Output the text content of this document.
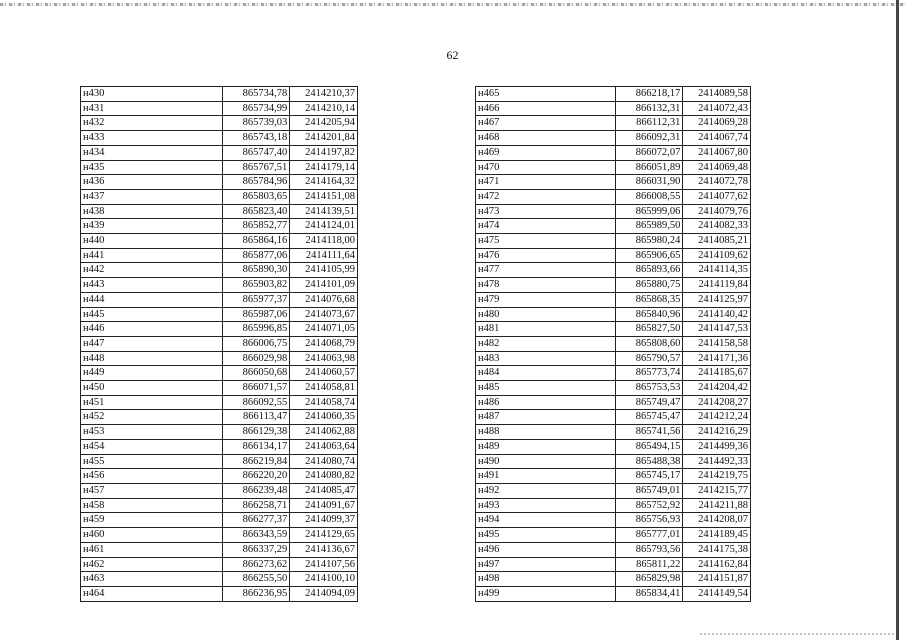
62
н430	865734,78	2414210,37
н431	865734,99	2414210,14
н432	865739,03	2414205,94
н433	865743,18	2414201,84
н434	865747,40	2414197,82
н435	865767,51	2414179,14
н436	865784,96	2414164,32
н437	865803,65	2414151,08
н438	865823,40	2414139,51
н439	865852,77	2414124,01
н440	865864,16	2414118,00
н441	865877,06	2414111,64
н442	865890,30	2414105,99
н443	865903,82	2414101,09
н444	865977,37	2414076,68
н445	865987,06	2414073,67
н446	865996,85	2414071,05
н447	866006,75	2414068,79
н448	866029,98	2414063,98
н449	866050,68	2414060,57
н450	866071,57	2414058,81
н451	866092,55	2414058,74
н452	866113,47	2414060,35
н453	866129,38	2414062,88
н454	866134,17	2414063,64
н455	866219,84	2414080,74
н456	866220,20	2414080,82
н457	866239,48	2414085,47
н458	866258,71	2414091,67
н459	866277,37	2414099,37
н460	866343,59	2414129,65
н461	866337,29	2414136,67
н462	866273,62	2414107,56
н463	866255,50	2414100,10
н464	866236,95	2414094,09
н465	866218,17	2414089,58
н466	866132,31	2414072,43
н467	866112,31	2414069,28
н468	866092,31	2414067,74
н469	866072,07	2414067,80
н470	866051,89	2414069,48
н471	866031,90	2414072,78
н472	866008,55	2414077,62
н473	865999,06	2414079,76
н474	865989,50	2414082,33
н475	865980,24	2414085,21
н476	865906,65	2414109,62
н477	865893,66	2414114,35
н478	865880,75	2414119,84
н479	865868,35	2414125,97
н480	865840,96	2414140,42
н481	865827,50	2414147,53
н482	865808,60	2414158,58
н483	865790,57	2414171,36
н484	865773,74	2414185,67
н485	865753,53	2414204,42
н486	865749,47	2414208,27
н487	865745,47	2414212,24
н488	865741,56	2414216,29
н489	865494,15	2414499,36
н490	865488,38	2414492,33
н491	865745,17	2414219,75
н492	865749,01	2414215,77
н493	865752,92	2414211,88
н494	865756,93	2414208,07
н495	865777,01	2414189,45
н496	865793,56	2414175,38
н497	865811,22	2414162,84
н498	865829,98	2414151,87
н499	865834,41	2414149,54
